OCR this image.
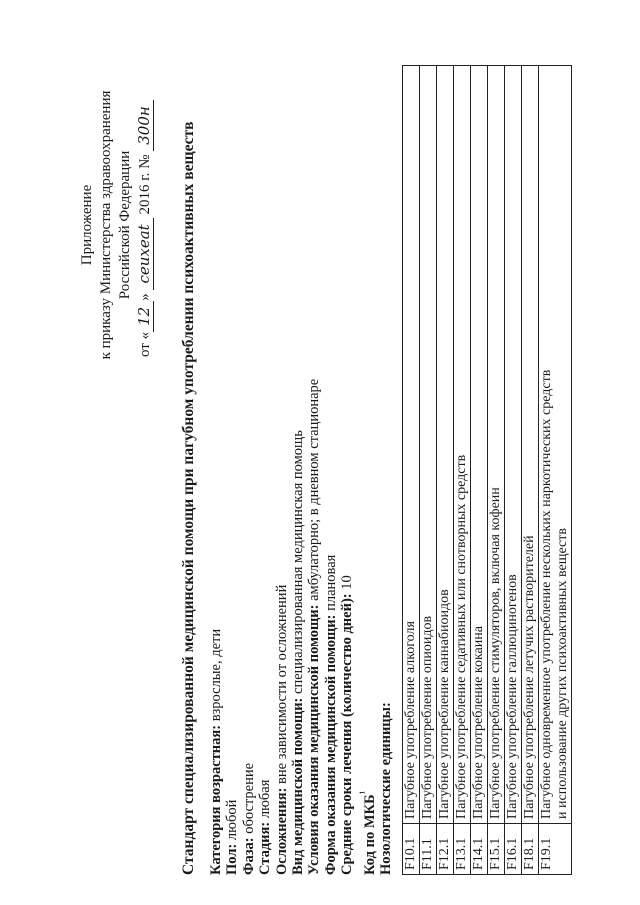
Приложение к приказу Министерства здравоохранения Российской Федерации
от «12» ceuxeat 2016 г. № 300н Стандарт специализированной медицинской помощи при пагубном употреблении психоактивных веществ Категория возрастная: взрослые, дети
Пол: любой
Фаза: обострение
Стадия: любая Осложнения: вне зависимости от осложнений Вид медицинской помощи: специализированная медицинская помощь
Условия оказания медицинской помощи: амбулаторно; в дневном стационаре
Форма оказания медицинской помощи: плановая
Средние сроки лечения (количество дней): 10
Код по $МКБ^{^1}$ Нозологические единицы: F10.1	Пагубное употребление алкоголя

F11.1	Пагубное употребление опиоидов

F12.1	Пагубное употребление каннабиоидов

F13.1	Пагубное употребление седативных или снотворных средств

F14.1	Пагубное употребление кокаина

F15.1	Пагубное употребление стимуляторов, включая кофеин

F16.1	Пагубное употребление галлюциногенов

F18.1	Пагубное употребление летучих растворителей

F19.1	Пагубное одновременное употребление нескольких наркотических средств и использование других психоактивных веществ
